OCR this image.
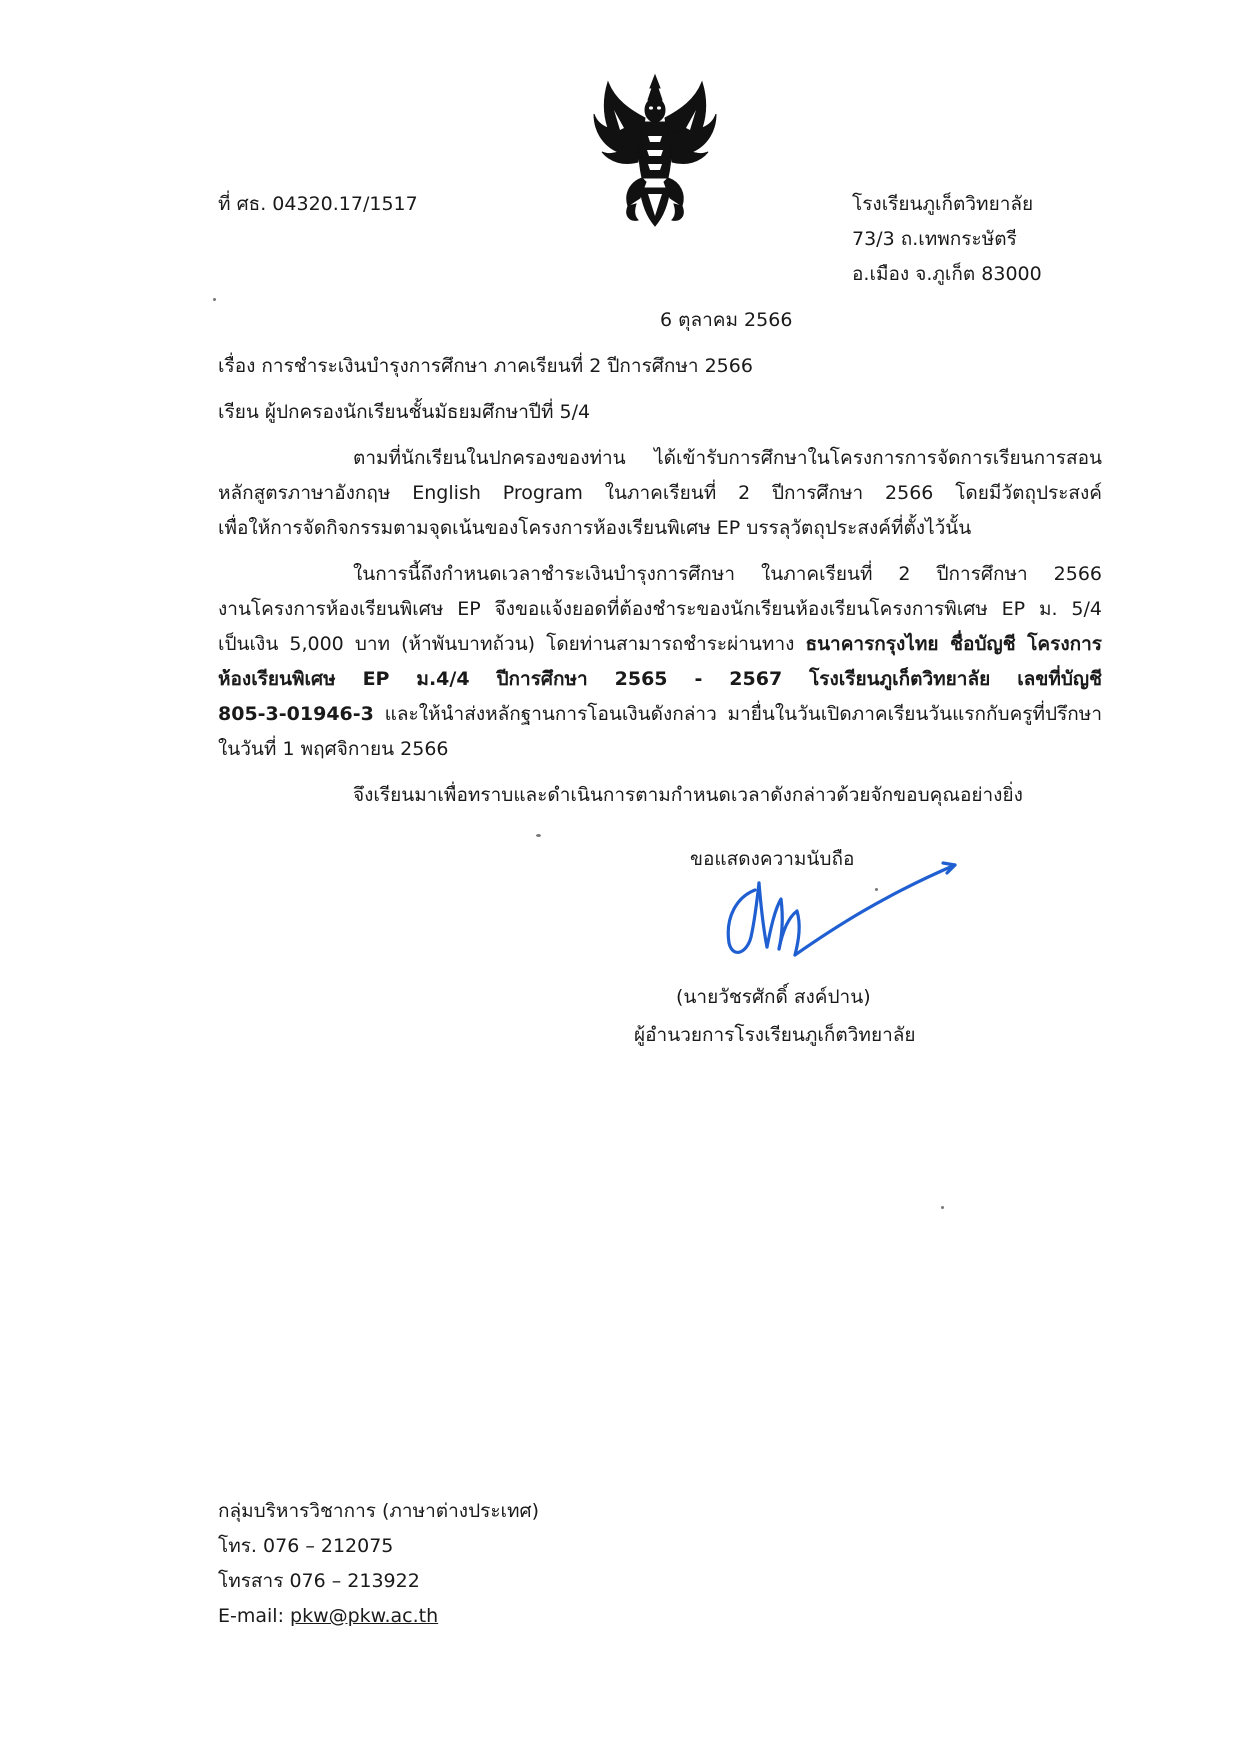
ที่ ศธ. 04320.17/1517	โรงเรียนภูเก็ตวิทยาลัย
73/3 ถ.เทพกระษัตรี
อ.เมือง จ.ภูเก็ต 83000
6 ตุลาคม 2566
เรื่อง การชำระเงินบำรุงการศึกษา ภาคเรียนที่ 2 ปีการศึกษา 2566
เรียน ผู้ปกครองนักเรียนชั้นมัธยมศึกษาปีที่ 5/4
ตามที่นักเรียนในปกครองของท่าน ได้เข้ารับการศึกษาในโครงการการจัดการเรียนการสอน
หลักสูตรภาษาอังกฤษ English Program ในภาคเรียนที่ 2 ปีการศึกษา 2566 โดยมีวัตถุประสงค์
เพื่อให้การจัดกิจกรรมตามจุดเน้นของโครงการห้องเรียนพิเศษ EP บรรลุวัตถุประสงค์ที่ตั้งไว้นั้น
ในการนี้ถึงกำหนดเวลาชำระเงินบำรุงการศึกษา ในภาคเรียนที่ 2 ปีการศึกษา 2566
งานโครงการห้องเรียนพิเศษ EP จึงขอแจ้งยอดที่ต้องชำระของนักเรียนห้องเรียนโครงการพิเศษ EP ม. 5/4
เป็นเงิน 5,000 บาท (ห้าพันบาทถ้วน) โดยท่านสามารถชำระผ่านทาง ธนาคารกรุงไทย ชื่อบัญชี โครงการ
ห้องเรียนพิเศษ EP ม.4/4 ปีการศึกษา 2565 - 2567 โรงเรียนภูเก็ตวิทยาลัย เลขที่บัญชี
805-3-01946-3 และให้นำส่งหลักฐานการโอนเงินดังกล่าว มายื่นในวันเปิดภาคเรียนวันแรกกับครูที่ปรึกษา
ในวันที่ 1 พฤศจิกายน 2566
จึงเรียนมาเพื่อทราบและดำเนินการตามกำหนดเวลาดังกล่าวด้วยจักขอบคุณอย่างยิ่ง
ขอแสดงความนับถือ
(นายวัชรศักดิ์ สงค์ปาน)
ผู้อำนวยการโรงเรียนภูเก็ตวิทยาลัย
กลุ่มบริหารวิชาการ (ภาษาต่างประเทศ)
โทร. 076 – 212075
โทรสาร 076 – 213922
E-mail: pkw@pkw.ac.th
